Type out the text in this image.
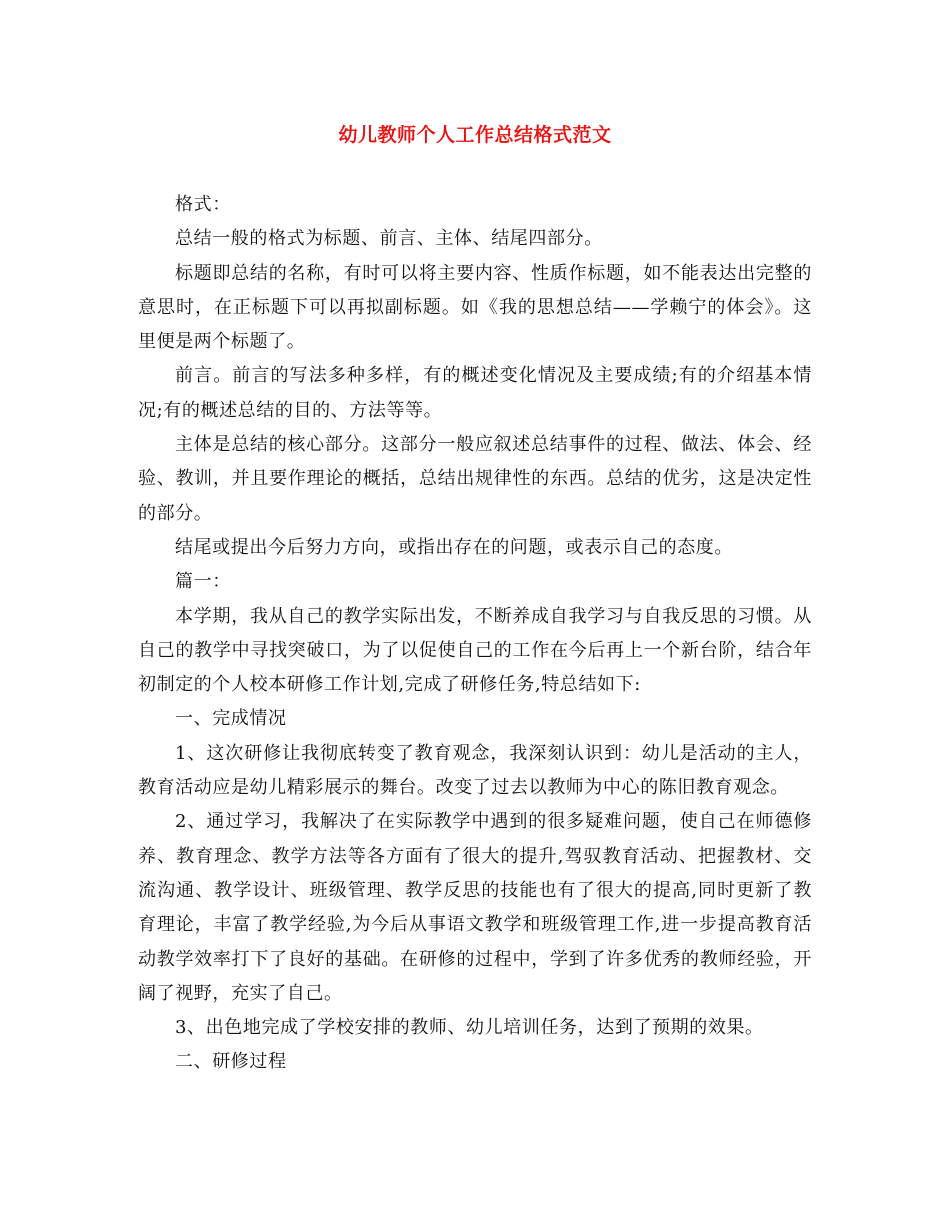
幼儿教师个人工作总结格式范文

格式：

总结一般的格式为标题、前言、主体、结尾四部分。

标题即总结的名称，有时可以将主要内容、性质作标题，如不能表达出完整的意思时，在正标题下可以再拟副标题。如《我的思想总结——学赖宁的体会》。这里便是两个标题了。

前言。前言的写法多种多样，有的概述变化情况及主要成绩;有的介绍基本情况;有的概述总结的目的、方法等等。

主体是总结的核心部分。这部分一般应叙述总结事件的过程、做法、体会、经验、教训，并且要作理论的概括，总结出规律性的东西。总结的优劣，这是决定性的部分。

结尾或提出今后努力方向，或指出存在的问题，或表示自己的态度。

篇一：

本学期，我从自己的教学实际出发，不断养成自我学习与自我反思的习惯。从自己的教学中寻找突破口，为了以促使自己的工作在今后再上一个新台阶，结合年初制定的个人校本研修工作计划,完成了研修任务,特总结如下:

一、完成情况

1、这次研修让我彻底转变了教育观念，我深刻认识到：幼儿是活动的主人，教育活动应是幼儿精彩展示的舞台。改变了过去以教师为中心的陈旧教育观念。

2、通过学习，我解决了在实际教学中遇到的很多疑难问题，使自己在师德修养、教育理念、教学方法等各方面有了很大的提升,驾驭教育活动、把握教材、交流沟通、教学设计、班级管理、教学反思的技能也有了很大的提高,同时更新了教育理论，丰富了教学经验,为今后从事语文教学和班级管理工作,进一步提高教育活动教学效率打下了良好的基础。在研修的过程中，学到了许多优秀的教师经验，开阔了视野，充实了自己。

3、出色地完成了学校安排的教师、幼儿培训任务，达到了预期的效果。

二、研修过程
